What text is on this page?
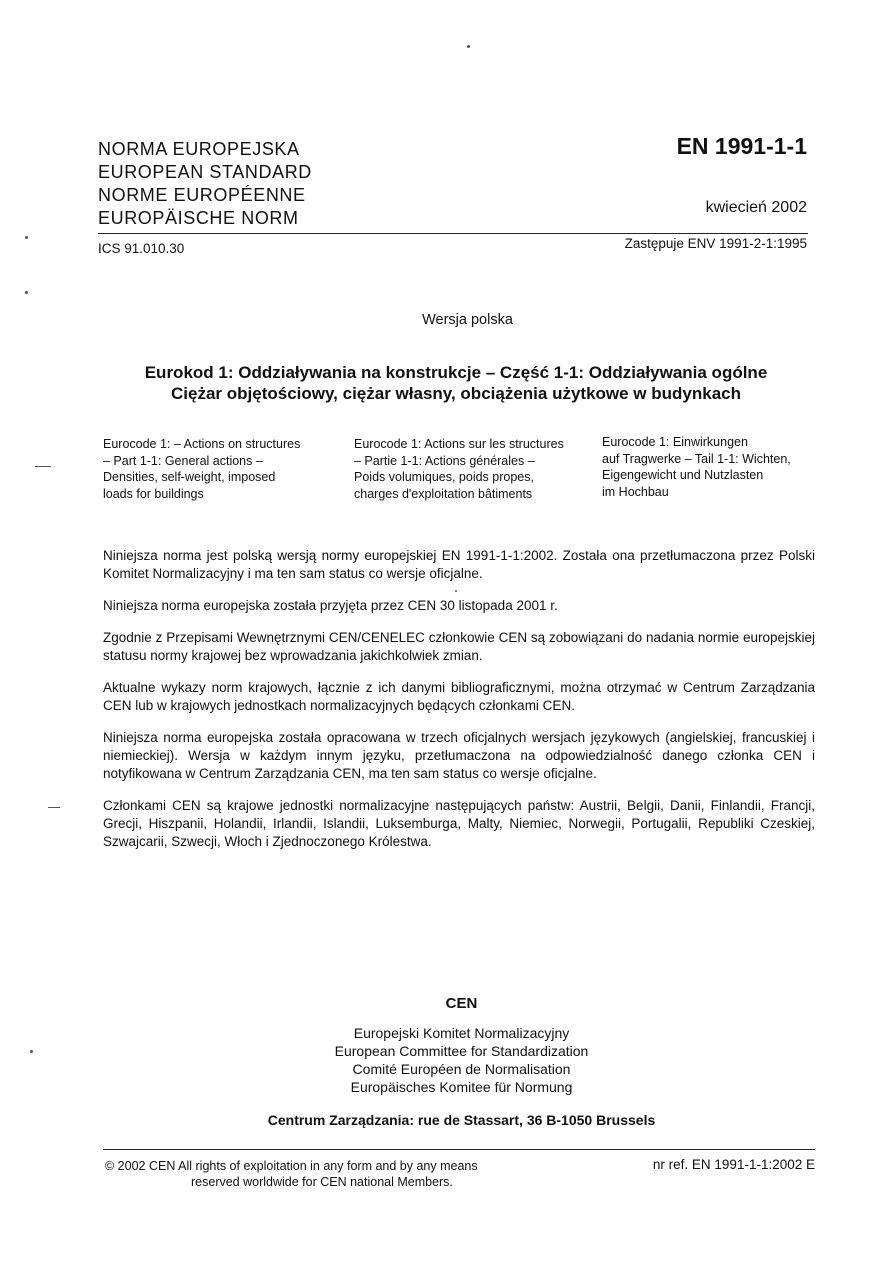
NORMA EUROPEJSKA
EUROPEAN STANDARD
NORME EUROPÉENNE
EUROPÄISCHE NORM
EN 1991-1-1
kwiecień 2002
ICS 91.010.30	Zastępuje ENV 1991-2-1:1995
Wersja polska
Eurokod 1: Oddziaływania na konstrukcje – Część 1-1: Oddziaływania ogólne
Ciężar objętościowy, ciężar własny, obciążenia użytkowe w budynkach
Eurocode 1: – Actions on structures
– Part 1-1: General actions –
Densities, self-weight, imposed
loads for buildings
Eurocode 1: Actions sur les structures
– Partie 1-1: Actions générales –
Poids volumiques, poids propes,
charges d'exploitation bâtiments
Eurocode 1: Einwirkungen
auf Tragwerke – Tail 1-1: Wichten,
Eigengewicht und Nutzlasten
im Hochbau

Niniejsza norma jest polską wersją normy europejskiej EN 1991-1-1:2002. Została ona przetłumaczona przez Polski Komitet Normalizacyjny i ma ten sam status co wersje oficjalne.

Niniejsza norma europejska została przyjęta przez CEN 30 listopada 2001 r.

Zgodnie z Przepisami Wewnętrznymi CEN/CENELEC członkowie CEN są zobowiązani do nadania normie europejskiej statusu normy krajowej bez wprowadzania jakichkolwiek zmian.

Aktualne wykazy norm krajowych, łącznie z ich danymi bibliograficznymi, można otrzymać w Centrum Zarządzania CEN lub w krajowych jednostkach normalizacyjnych będących członkami CEN.

Niniejsza norma europejska została opracowana w trzech oficjalnych wersjach językowych (angielskiej, francuskiej i niemieckiej). Wersja w każdym innym języku, przetłumaczona na odpowiedzialność danego członka CEN i notyfikowana w Centrum Zarządzania CEN, ma ten sam status co wersje oficjalne.

Członkami CEN są krajowe jednostki normalizacyjne następujących państw: Austrii, Belgii, Danii, Finlandii, Francji, Grecji, Hiszpanii, Holandii, Irlandii, Islandii, Luksemburga, Malty, Niemiec, Norwegii, Portugalii, Republiki Czeskiej, Szwajcarii, Szwecji, Włoch i Zjednoczonego Królestwa.

CEN
Europejski Komitet Normalizacyjny
European Committee for Standardization
Comité Européen de Normalisation
Europäisches Komitee für Normung
Centrum Zarządzania: rue de Stassart, 36 B-1050 Brussels
© 2002 CEN All rights of exploitation in any form and by any means
reserved worldwide for CEN national Members.
nr ref. EN 1991-1-1:2002 E
